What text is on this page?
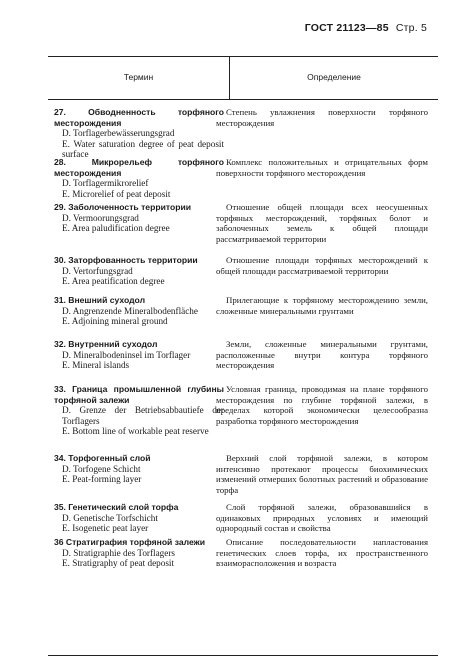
ГОСТ 21123—85 Стр. 5
Термин	Определение
27.	Обводненность торфяного месторождения
D. Torflagerbewässerungsgrad
E. Water saturation degree of peat deposit surface
Степень увлажнения поверхности торфяного месторождения
28.	Микрорельеф торфяного месторождения
D. Torflagermikrorelief
E. Microrelief of peat deposit
Комплекс положительных и отрицательных форм поверхности торфяного месторождения
29. Заболоченность территории
D. Vermoorungsgrad
E. Area paludification degree
Отношение общей площади всех неосушенных торфяных месторождений, торфяных болот и заболоченных земель к общей площади рассматриваемой территории
30. Заторфованность территории
D. Vertorfungsgrad
E. Area peatification degree
Отношение площади торфяных месторождений к общей площади рассматриваемой территории
31. Внешний суходол
D. Angrenzende Mineralbodenfläche
E. Adjoining mineral ground
Прилегающие к торфяному месторождению земли, сложенные минеральными грунтами
32. Внутренний суходол
D. Mineralbodeninsel im Torflager
E. Mineral islands
Земли, сложенные минеральными грунтами, расположенные внутри контура торфяного месторождения
33. Граница промышленной глубины торфяной залежи
D. Grenze der Betriebsabbautiefe der Torflagers
E. Bottom line of workable peat reserve
Условная граница, проводимая на плане торфяного месторождения по глубине торфяной залежи, в пределах которой экономически целесообразна разработка торфяного месторождения
34. Торфогенный слой
D. Torfogene Schicht
E. Peat-forming layer
Верхний слой торфяной залежи, в котором интенсивно протекают процессы биохимических изменений отмерших болотных растений и образование торфа
35. Генетический слой торфа
D. Genetische Torfschicht
E. Isogenetic peat layer
Слой торфяной залежи, образовавшийся в одинаковых природных условиях и имеющий однородный состав и свойства
36 Стратиграфия торфяной залежи
D. Stratigraphie des Torflagers
E. Stratigraphy of peat deposit
Описание последовательности напластования генетических слоев торфа, их пространственного взаиморасположения и возраста
